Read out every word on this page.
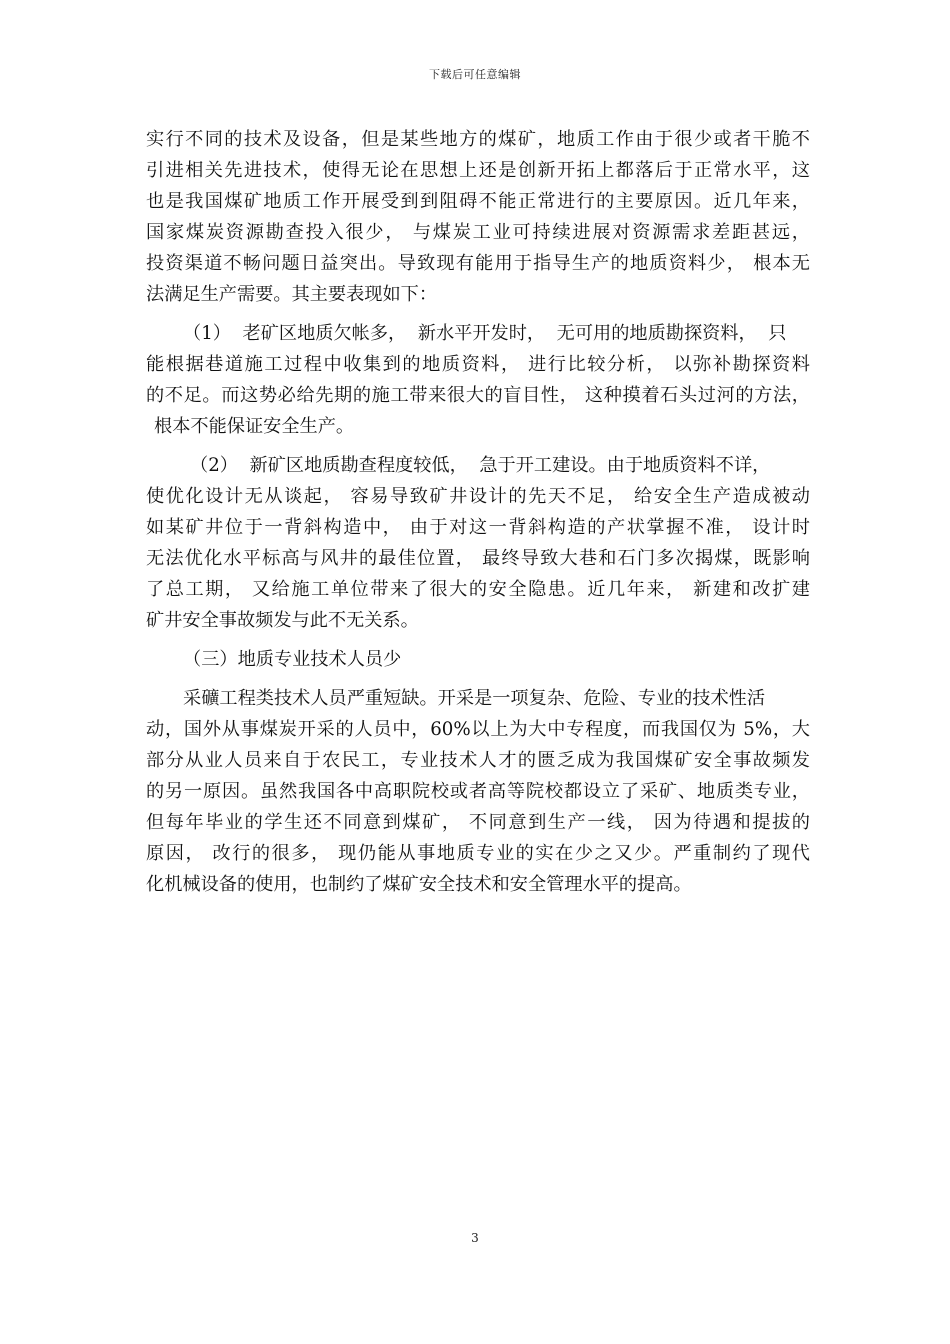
下载后可任意编辑
实行不同的技术及设备，但是某些地方的煤矿，地质工作由于很少或者干脆不
引进相关先进技术，使得无论在思想上还是创新开拓上都落后于正常水平，这
也是我国煤矿地质工作开展受到到阻碍不能正常进行的主要原因。近几年来，
国家煤炭资源勘查投入很少， 与煤炭工业可持续进展对资源需求差距甚远，
投资渠道不畅问题日益突出。导致现有能用于指导生产的地质资料少， 根本无
法满足生产需要。其主要表现如下：
（1）  老矿区地质欠帐多，  新水平开发时，  无可用的地质勘探资料，  只
能根据巷道施工过程中收集到的地质资料， 进行比较分析， 以弥补勘探资料
的不足。而这势必给先期的施工带来很大的盲目性， 这种摸着石头过河的方法，
根本不能保证安全生产。
（2）  新矿区地质勘查程度较低，  急于开工建设。由于地质资料不详，
使优化设计无从谈起， 容易导致矿井设计的先天不足， 给安全生产造成被动
如某矿井位于一背斜构造中， 由于对这一背斜构造的产状掌握不准， 设计时
无法优化水平标高与风井的最佳位置， 最终导致大巷和石门多次揭煤，既影响
了总工期， 又给施工单位带来了很大的安全隐患。近几年来， 新建和改扩建
矿井安全事故频发与此不无关系。
（三）地质专业技术人员少
采礦工程类技术人员严重短缺。开采是一项复杂、危险、专业的技术性活
动，国外从事煤炭开采的人员中，60%以上为大中专程度，而我国仅为 5%，大
部分从业人员来自于农民工，专业技术人才的匮乏成为我国煤矿安全事故频发
的另一原因。虽然我国各中高职院校或者高等院校都设立了采矿、地质类专业，
但每年毕业的学生还不同意到煤矿， 不同意到生产一线， 因为待遇和提拔的
原因， 改行的很多， 现仍能从事地质专业的实在少之又少。严重制约了现代
化机械设备的使用，也制约了煤矿安全技术和安全管理水平的提高。
3
